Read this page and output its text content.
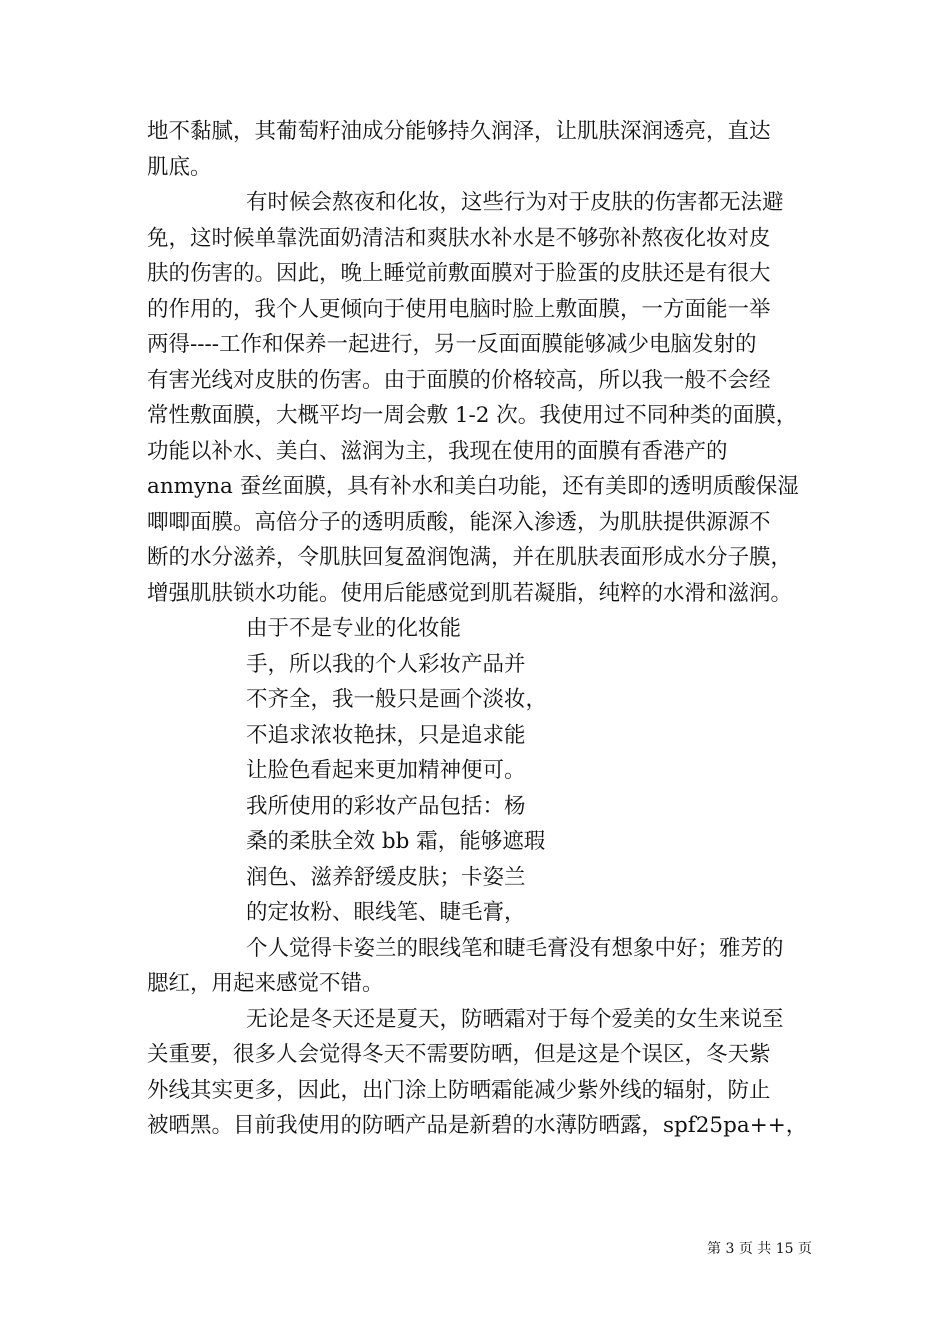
地不黏腻，其葡萄籽油成分能够持久润泽，让肌肤深润透亮，直达
肌底。
有时候会熬夜和化妆，这些行为对于皮肤的伤害都无法避
免，这时候单靠洗面奶清洁和爽肤水补水是不够弥补熬夜化妆对皮
肤的伤害的。因此，晚上睡觉前敷面膜对于脸蛋的皮肤还是有很大
的作用的，我个人更倾向于使用电脑时脸上敷面膜，一方面能一举
两得----工作和保养一起进行，另一反面面膜能够减少电脑发射的
有害光线对皮肤的伤害。由于面膜的价格较高，所以我一般不会经
常性敷面膜，大概平均一周会敷 1-2 次。我使用过不同种类的面膜，
功能以补水、美白、滋润为主，我现在使用的面膜有香港产的
anmyna 蚕丝面膜，具有补水和美白功能，还有美即的透明质酸保湿
唧唧面膜。高倍分子的透明质酸，能深入渗透，为肌肤提供源源不
断的水分滋养，令肌肤回复盈润饱满，并在肌肤表面形成水分子膜，
增强肌肤锁水功能。使用后能感觉到肌若凝脂，纯粹的水滑和滋润。
由于不是专业的化妆能
手，所以我的个人彩妆产品并
不齐全，我一般只是画个淡妆，
不追求浓妆艳抹，只是追求能
让脸色看起来更加精神便可。
我所使用的彩妆产品包括：杨
桑的柔肤全效 bb 霜，能够遮瑕
润色、滋养舒缓皮肤；卡姿兰
的定妆粉、眼线笔、睫毛膏，
个人觉得卡姿兰的眼线笔和睫毛膏没有想象中好；雅芳的
腮红，用起来感觉不错。
无论是冬天还是夏天，防晒霜对于每个爱美的女生来说至
关重要，很多人会觉得冬天不需要防晒，但是这是个误区，冬天紫
外线其实更多，因此，出门涂上防晒霜能减少紫外线的辐射，防止
被晒黑。目前我使用的防晒产品是新碧的水薄防晒露，spf25pa++，
第 3 页 共 15 页
